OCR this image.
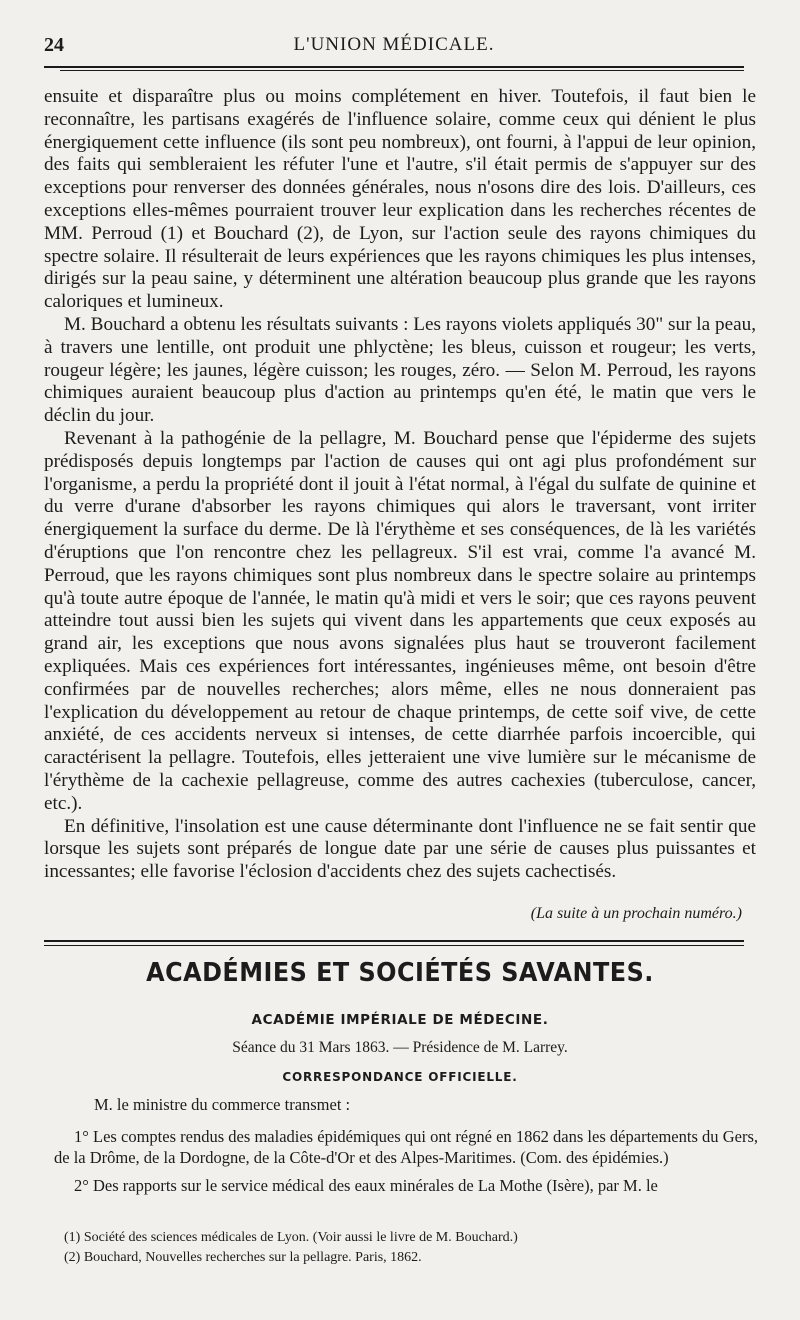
24	L'UNION MÉDICALE.

ensuite et disparaître plus ou moins complétement en hiver. Toutefois, il faut bien le reconnaître, les partisans exagérés de l'influence solaire, comme ceux qui dénient le plus énergiquement cette influence (ils sont peu nombreux), ont fourni, à l'appui de leur opinion, des faits qui sembleraient les réfuter l'une et l'autre, s'il était permis de s'appuyer sur des exceptions pour renverser des données générales, nous n'osons dire des lois. D'ailleurs, ces exceptions elles-mêmes pourraient trouver leur explication dans les recherches récentes de MM. Perroud (1) et Bouchard (2), de Lyon, sur l'action seule des rayons chimiques du spectre solaire. Il résulterait de leurs expériences que les rayons chimiques les plus intenses, dirigés sur la peau saine, y déterminent une altération beaucoup plus grande que les rayons caloriques et lumineux.

M. Bouchard a obtenu les résultats suivants : Les rayons violets appliqués 30" sur la peau, à travers une lentille, ont produit une phlyctène; les bleus, cuisson et rougeur; les verts, rougeur légère; les jaunes, légère cuisson; les rouges, zéro. — Selon M. Perroud, les rayons chimiques auraient beaucoup plus d'action au printemps qu'en été, le matin que vers le déclin du jour.

Revenant à la pathogénie de la pellagre, M. Bouchard pense que l'épiderme des sujets prédisposés depuis longtemps par l'action de causes qui ont agi plus profondément sur l'organisme, a perdu la propriété dont il jouit à l'état normal, à l'égal du sulfate de quinine et du verre d'urane d'absorber les rayons chimiques qui alors le traversant, vont irriter énergiquement la surface du derme. De là l'érythème et ses conséquences, de là les variétés d'éruptions que l'on rencontre chez les pellagreux. S'il est vrai, comme l'a avancé M. Perroud, que les rayons chimiques sont plus nombreux dans le spectre solaire au printemps qu'à toute autre époque de l'année, le matin qu'à midi et vers le soir; que ces rayons peuvent atteindre tout aussi bien les sujets qui vivent dans les appartements que ceux exposés au grand air, les exceptions que nous avons signalées plus haut se trouveront facilement expliquées. Mais ces expériences fort intéressantes, ingénieuses même, ont besoin d'être confirmées par de nouvelles recherches; alors même, elles ne nous donneraient pas l'explication du développement au retour de chaque printemps, de cette soif vive, de cette anxiété, de ces accidents nerveux si intenses, de cette diarrhée parfois incoercible, qui caractérisent la pellagre. Toutefois, elles jetteraient une vive lumière sur le mécanisme de l'érythème de la cachexie pellagreuse, comme des autres cachexies (tuberculose, cancer, etc.).

En définitive, l'insolation est une cause déterminante dont l'influence ne se fait sentir que lorsque les sujets sont préparés de longue date par une série de causes plus puissantes et incessantes; elle favorise l'éclosion d'accidents chez des sujets cachectisés.

(La suite à un prochain numéro.)
ACADÉMIES ET SOCIÉTÉS SAVANTES.
ACADÉMIE IMPÉRIALE DE MÉDECINE.
Séance du 31 Mars 1863. — Présidence de M. Larrey.
CORRESPONDANCE OFFICIELLE.

M. le ministre du commerce transmet :

1° Les comptes rendus des maladies épidémiques qui ont régné en 1862 dans les départements du Gers, de la Drôme, de la Dordogne, de la Côte-d'Or et des Alpes-Maritimes. (Com. des épidémies.)

2° Des rapports sur le service médical des eaux minérales de La Mothe (Isère), par M. le

(1) Société des sciences médicales de Lyon. (Voir aussi le livre de M. Bouchard.)

(2) Bouchard, Nouvelles recherches sur la pellagre. Paris, 1862.
